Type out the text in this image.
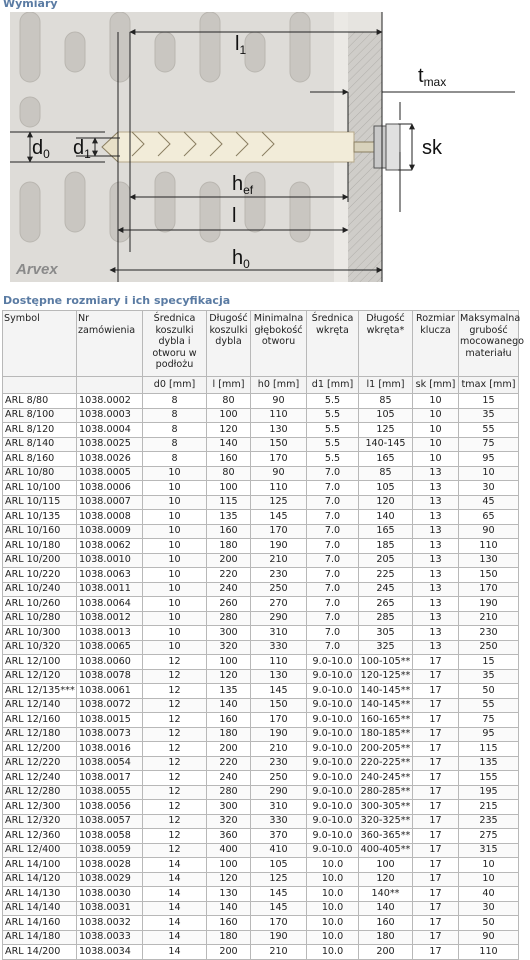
Wymiary
$l_1$
$t_{max}$
$d_0$ $d_1$	sk
$h_{ef}$
l
$h_0$
Arvex
Dostępne rozmiary i ich specyfikacja
Symbol	Nr zamówienia	Średnica koszulki dybla i otworu w podłożu	Długość koszulki dybla	Minimalna głębokość otworu	Średnica wkręta	Długość wkręta*	Rozmiar klucza	Maksymalna grubość mocowanego materiału
		d0 [mm]	l [mm]	h0 [mm]	d1 [mm]	l1 [mm]	sk [mm]	tmax [mm]
ARL 8/80	1038.0002	8	80	90	5.5	85	10	15
ARL 8/100	1038.0003	8	100	110	5.5	105	10	35
ARL 8/120	1038.0004	8	120	130	5.5	125	10	55
ARL 8/140	1038.0025	8	140	150	5.5	140-145	10	75
ARL 8/160	1038.0026	8	160	170	5.5	165	10	95
ARL 10/80	1038.0005	10	80	90	7.0	85	13	10
ARL 10/100	1038.0006	10	100	110	7.0	105	13	30
ARL 10/115	1038.0007	10	115	125	7.0	120	13	45
ARL 10/135	1038.0008	10	135	145	7.0	140	13	65
ARL 10/160	1038.0009	10	160	170	7.0	165	13	90
ARL 10/180	1038.0062	10	180	190	7.0	185	13	110
ARL 10/200	1038.0010	10	200	210	7.0	205	13	130
ARL 10/220	1038.0063	10	220	230	7.0	225	13	150
ARL 10/240	1038.0011	10	240	250	7.0	245	13	170
ARL 10/260	1038.0064	10	260	270	7.0	265	13	190
ARL 10/280	1038.0012	10	280	290	7.0	285	13	210
ARL 10/300	1038.0013	10	300	310	7.0	305	13	230
ARL 10/320	1038.0065	10	320	330	7.0	325	13	250
ARL 12/100	1038.0060	12	100	110	9.0-10.0	100-105**	17	15
ARL 12/120	1038.0078	12	120	130	9.0-10.0	120-125**	17	35
ARL 12/135***	1038.0061	12	135	145	9.0-10.0	140-145**	17	50
ARL 12/140	1038.0072	12	140	150	9.0-10.0	140-145**	17	55
ARL 12/160	1038.0015	12	160	170	9.0-10.0	160-165**	17	75
ARL 12/180	1038.0073	12	180	190	9.0-10.0	180-185**	17	95
ARL 12/200	1038.0016	12	200	210	9.0-10.0	200-205**	17	115
ARL 12/220	1038.0054	12	220	230	9.0-10.0	220-225**	17	135
ARL 12/240	1038.0017	12	240	250	9.0-10.0	240-245**	17	155
ARL 12/280	1038.0055	12	280	290	9.0-10.0	280-285**	17	195
ARL 12/300	1038.0056	12	300	310	9.0-10.0	300-305**	17	215
ARL 12/320	1038.0057	12	320	330	9.0-10.0	320-325**	17	235
ARL 12/360	1038.0058	12	360	370	9.0-10.0	360-365**	17	275
ARL 12/400	1038.0059	12	400	410	9.0-10.0	400-405**	17	315
ARL 14/100	1038.0028	14	100	105	10.0	100	17	10
ARL 14/120	1038.0029	14	120	125	10.0	120	17	10
ARL 14/130	1038.0030	14	130	145	10.0	140**	17	40
ARL 14/140	1038.0031	14	140	145	10.0	140	17	30
ARL 14/160	1038.0032	14	160	170	10.0	160	17	50
ARL 14/180	1038.0033	14	180	190	10.0	180	17	90
ARL 14/200	1038.0034	14	200	210	10.0	200	17	110
